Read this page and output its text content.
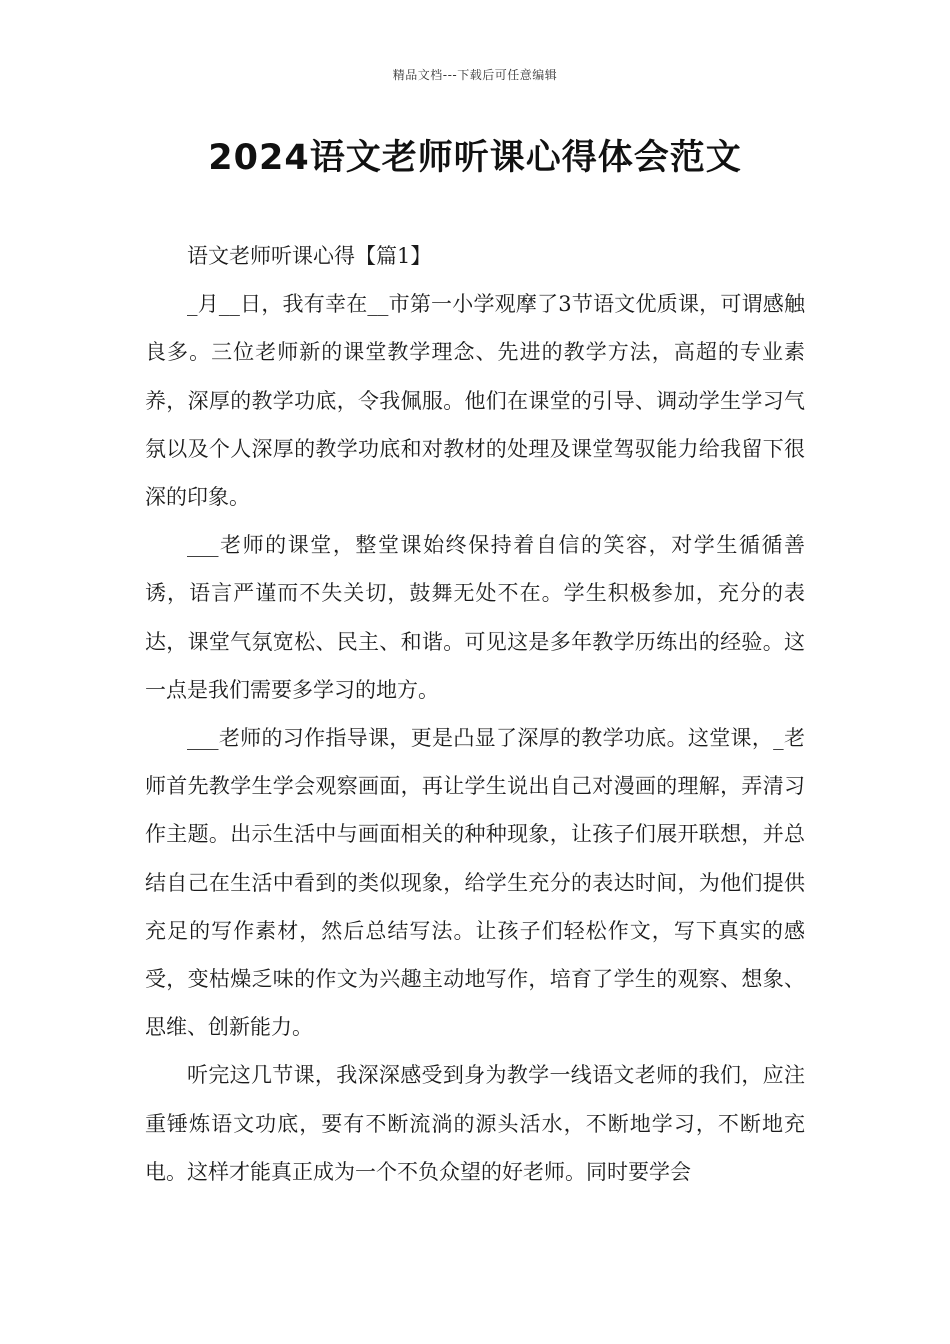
精品文档---下载后可任意编辑
2024语文老师听课心得体会范文

语文老师听课心得【篇1】

_月__日，我有幸在__市第一小学观摩了3节语文优质课，可谓感触良多。三位老师新的课堂教学理念、先进的教学方法，高超的专业素养，深厚的教学功底，令我佩服。他们在课堂的引导、调动学生学习气氛以及个人深厚的教学功底和对教材的处理及课堂驾驭能力给我留下很深的印象。

___老师的课堂，整堂课始终保持着自信的笑容，对学生循循善诱，语言严谨而不失关切，鼓舞无处不在。学生积极参加，充分的表达，课堂气氛宽松、民主、和谐。可见这是多年教学历练出的经验。这一点是我们需要多学习的地方。

___老师的习作指导课，更是凸显了深厚的教学功底。这堂课，_老师首先教学生学会观察画面，再让学生说出自己对漫画的理解，弄清习作主题。出示生活中与画面相关的种种现象，让孩子们展开联想，并总结自己在生活中看到的类似现象，给学生充分的表达时间，为他们提供充足的写作素材，然后总结写法。让孩子们轻松作文，写下真实的感受，变枯燥乏味的作文为兴趣主动地写作，培育了学生的观察、想象、思维、创新能力。

听完这几节课，我深深感受到身为教学一线语文老师的我们，应注重锤炼语文功底，要有不断流淌的源头活水，不断地学习，不断地充电。这样才能真正成为一个不负众望的好老师。同时要学会
